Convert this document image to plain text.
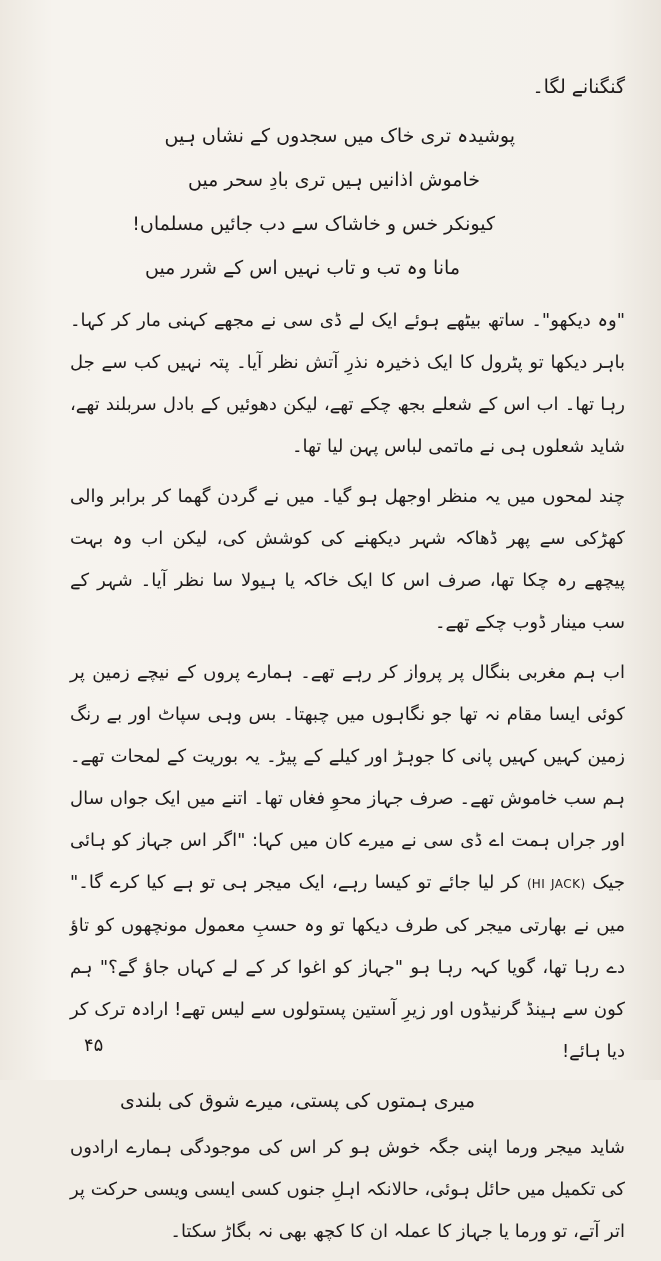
گنگنانے لگا۔

پوشیدہ تری خاک میں سجدوں کے نشاں ہیں
خاموش اذانیں ہیں تری بادِ سحر میں
کیونکر خس و خاشاک سے دب جائیں مسلماں!
مانا وہ تب و تاب نہیں اس کے شرر میں

"وہ دیکھو"۔ ساتھ بیٹھے ہوئے ایک لے ڈی سی نے مجھے کہنی مار کر کہا۔ باہر دیکھا تو پٹرول کا ایک ذخیرہ نذرِ آتش نظر آیا۔ پتہ نہیں کب سے جل رہا تھا۔ اب اس کے شعلے بجھ چکے تھے، لیکن دھوئیں کے بادل سربلند تھے، شاید شعلوں ہی نے ماتمی لباس پہن لیا تھا۔

چند لمحوں میں یہ منظر اوجھل ہو گیا۔ میں نے گردن گھما کر برابر والی کھڑکی سے پھر ڈھاکہ شہر دیکھنے کی کوشش کی، لیکن اب وہ بہت پیچھے رہ چکا تھا، صرف اس کا ایک خاکہ یا ہیولا سا نظر آیا۔ شہر کے سب مینار ڈوب چکے تھے۔

اب ہم مغربی بنگال پر پرواز کر رہے تھے۔ ہمارے پروں کے نیچے زمین پر کوئی ایسا مقام نہ تھا جو نگاہوں میں چبھتا۔ بس وہی سپاٹ اور بے رنگ زمین کہیں کہیں پانی کا جوہڑ اور کیلے کے پیڑ۔ یہ بوریت کے لمحات تھے۔ ہم سب خاموش تھے۔ صرف جہاز محوِ فغاں تھا۔ اتنے میں ایک جواں سال اور جراں ہمت اے ڈی سی نے میرے کان میں کہا: "اگر اس جہاز کو ہائی جیک (HI JACK) کر لیا جائے تو کیسا رہے، ایک میجر ہی تو ہے کیا کرے گا۔" میں نے بھارتی میجر کی طرف دیکھا تو وہ حسبِ معمول مونچھوں کو تاؤ دے رہا تھا، گویا کہہ رہا ہو "جہاز کو اغوا کر کے لے کہاں جاؤ گے؟" ہم کون سے ہینڈ گرنیڈوں اور زیرِ آستین پستولوں سے لیس تھے! ارادہ ترک کر دیا ہائے!

میری ہمتوں کی پستی، میرے شوق کی بلندی

شاید میجر ورما اپنی جگہ خوش ہو کر اس کی موجودگی ہمارے ارادوں کی تکمیل میں حائل ہوئی، حالانکہ اہلِ جنوں کسی ایسی ویسی حرکت پر اتر آتے، تو ورما یا جہاز کا عملہ ان کا کچھ بھی نہ بگاڑ سکتا۔

۴۵
